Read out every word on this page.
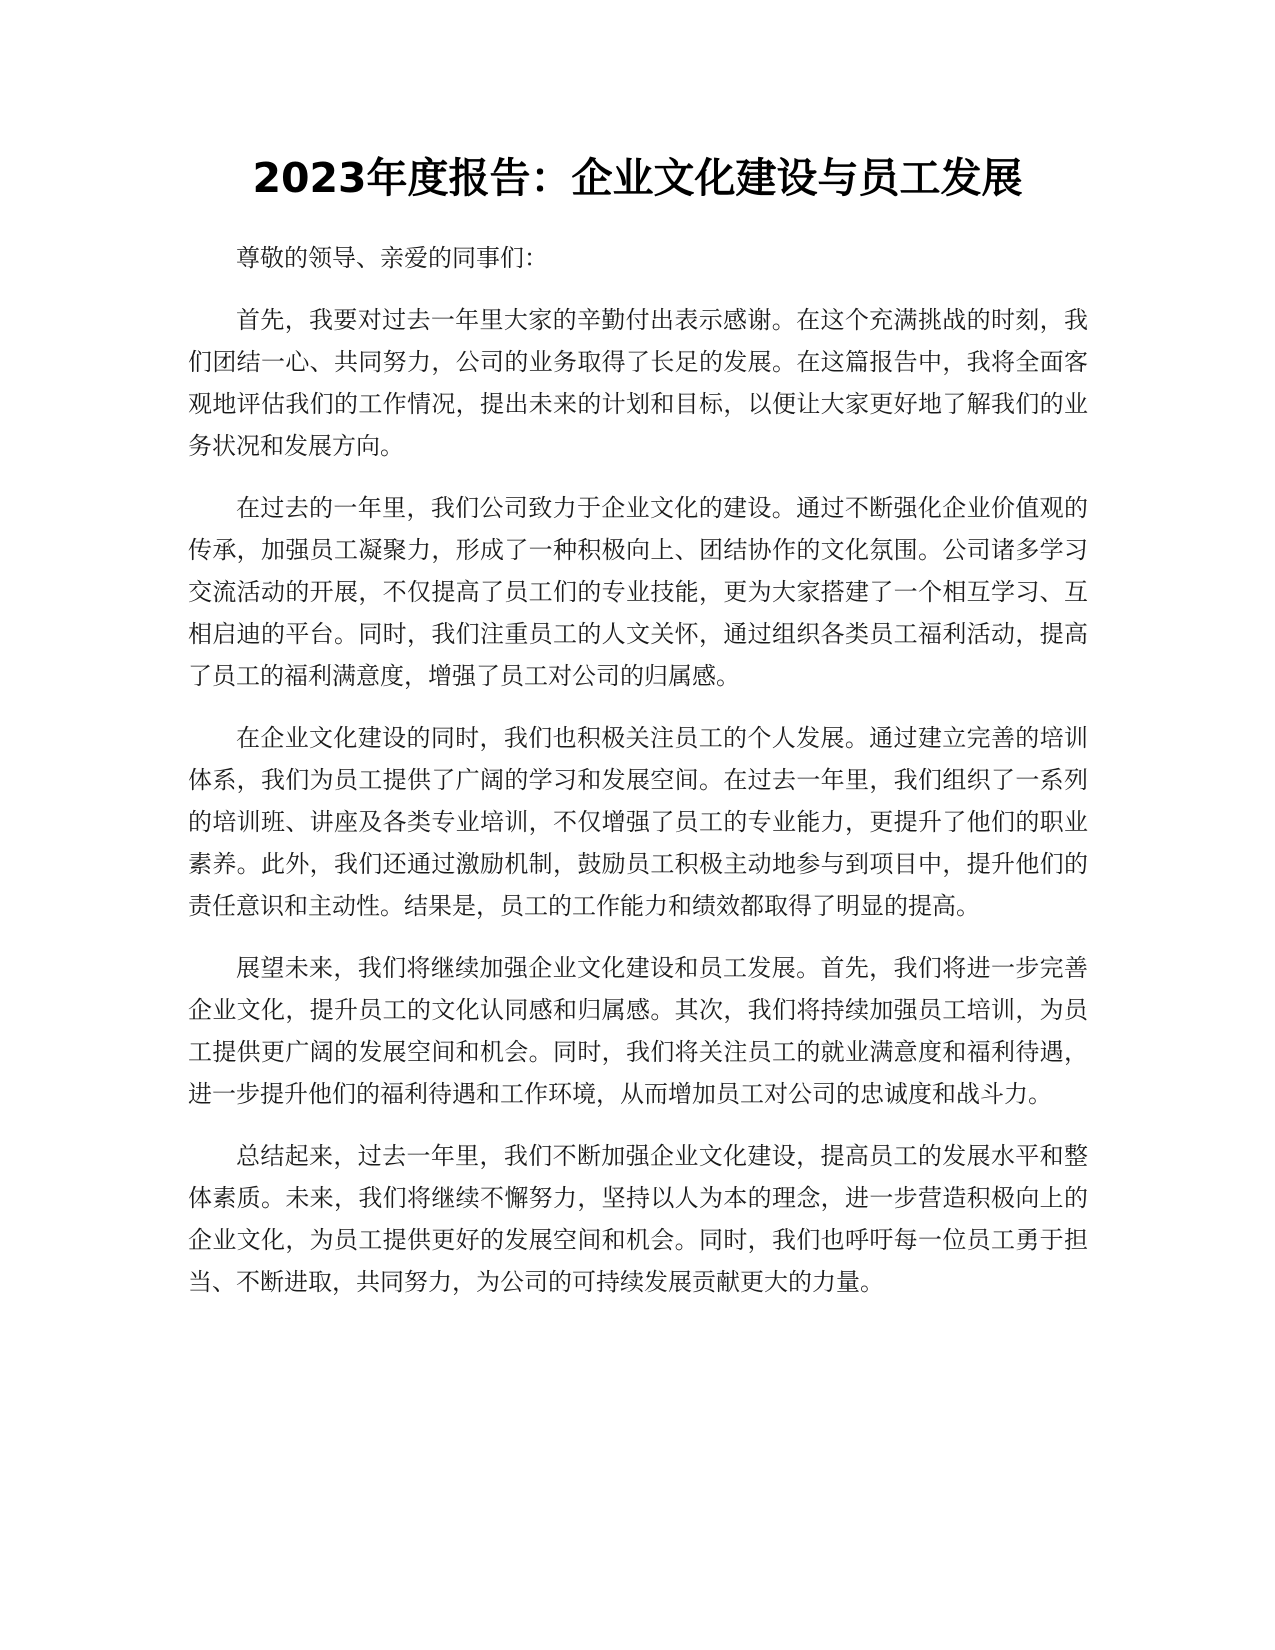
2023年度报告：企业文化建设与员工发展

尊敬的领导、亲爱的同事们：

首先，我要对过去一年里大家的辛勤付出表示感谢。在这个充满挑战的时刻，我们团结一心、共同努力，公司的业务取得了长足的发展。在这篇报告中，我将全面客观地评估我们的工作情况，提出未来的计划和目标，以便让大家更好地了解我们的业务状况和发展方向。

在过去的一年里，我们公司致力于企业文化的建设。通过不断强化企业价值观的传承，加强员工凝聚力，形成了一种积极向上、团结协作的文化氛围。公司诸多学习交流活动的开展，不仅提高了员工们的专业技能，更为大家搭建了一个相互学习、互相启迪的平台。同时，我们注重员工的人文关怀，通过组织各类员工福利活动，提高了员工的福利满意度，增强了员工对公司的归属感。

在企业文化建设的同时，我们也积极关注员工的个人发展。通过建立完善的培训体系，我们为员工提供了广阔的学习和发展空间。在过去一年里，我们组织了一系列的培训班、讲座及各类专业培训，不仅增强了员工的专业能力，更提升了他们的职业素养。此外，我们还通过激励机制，鼓励员工积极主动地参与到项目中，提升他们的责任意识和主动性。结果是，员工的工作能力和绩效都取得了明显的提高。

展望未来，我们将继续加强企业文化建设和员工发展。首先，我们将进一步完善企业文化，提升员工的文化认同感和归属感。其次，我们将持续加强员工培训，为员工提供更广阔的发展空间和机会。同时，我们将关注员工的就业满意度和福利待遇，进一步提升他们的福利待遇和工作环境，从而增加员工对公司的忠诚度和战斗力。

总结起来，过去一年里，我们不断加强企业文化建设，提高员工的发展水平和整体素质。未来，我们将继续不懈努力，坚持以人为本的理念，进一步营造积极向上的企业文化，为员工提供更好的发展空间和机会。同时，我们也呼吁每一位员工勇于担当、不断进取，共同努力，为公司的可持续发展贡献更大的力量。
